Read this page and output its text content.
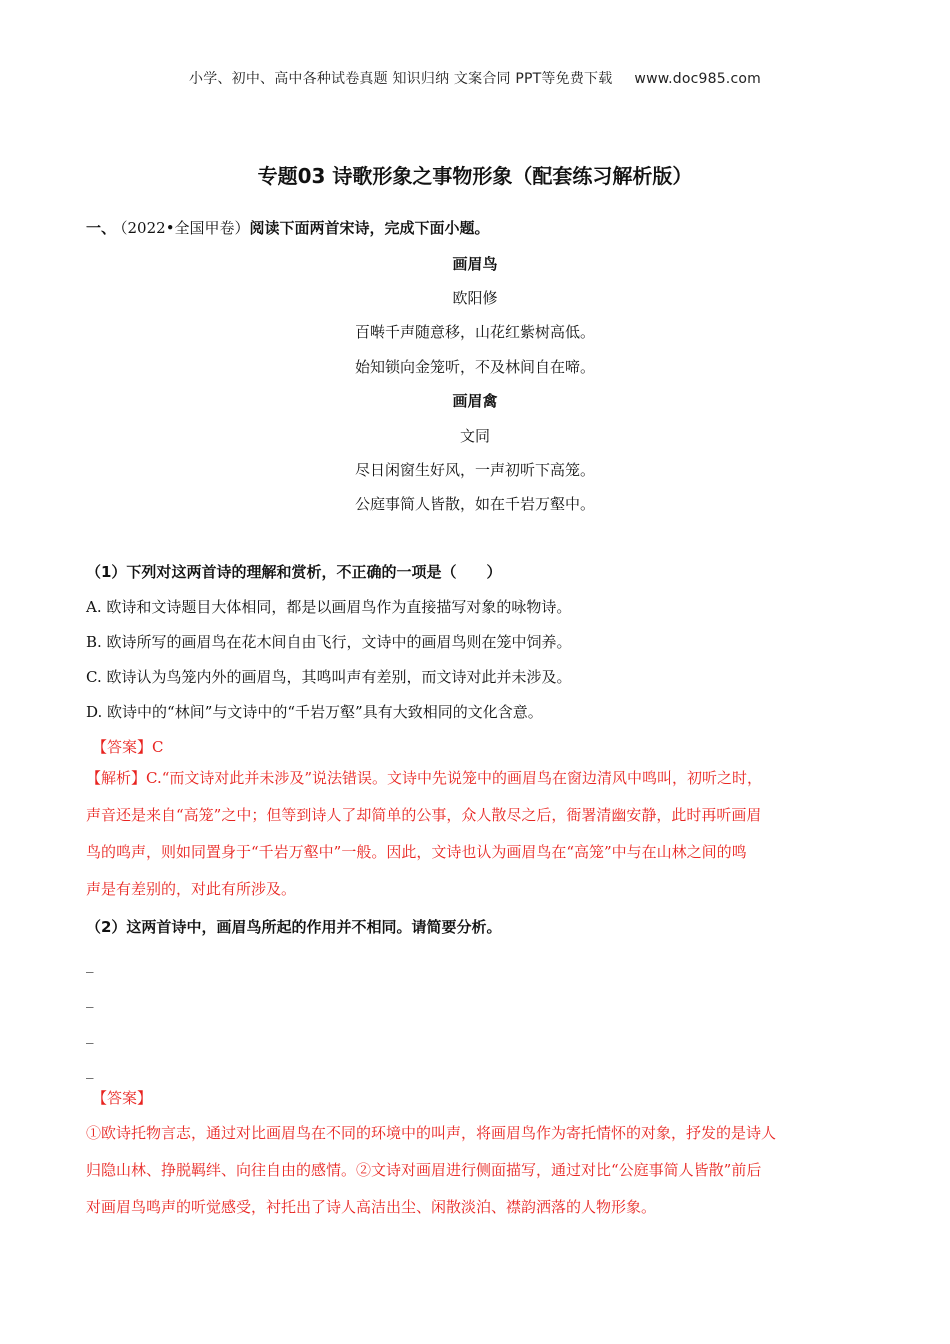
小学、初中、高中各种试卷真题 知识归纳 文案合同 PPT等免费下载 www.doc985.com
专题03 诗歌形象之事物形象（配套练习解析版）
一、 （2022•全国甲卷）阅读下面两首宋诗，完成下面小题。
画眉鸟
欧阳修
百啭千声随意移，山花红紫树高低。
始知锁向金笼听，不及林间自在啼。
画眉禽
文同
尽日闲窗生好风，一声初听下高笼。
公庭事简人皆散，如在千岩万壑中。
（1）下列对这两首诗的理解和赏析，不正确的一项是（　　）
A. 欧诗和文诗题目大体相同，都是以画眉鸟作为直接描写对象的咏物诗。
B. 欧诗所写的画眉鸟在花木间自由飞行，文诗中的画眉鸟则在笼中饲养。
C. 欧诗认为鸟笼内外的画眉鸟，其鸣叫声有差别，而文诗对此并未涉及。
D. 欧诗中的“林间”与文诗中的“千岩万壑”具有大致相同的文化含意。
【答案】C
【解析】C.“而文诗对此并未涉及”说法错误。文诗中先说笼中的画眉鸟在窗边清风中鸣叫，初听之时，
声音还是来自“高笼”之中；但等到诗人了却简单的公事，众人散尽之后，衙署清幽安静，此时再听画眉
鸟的鸣声，则如同置身于“千岩万壑中”一般。因此，文诗也认为画眉鸟在“高笼”中与在山林之间的鸣
声是有差别的，对此有所涉及。
（2）这两首诗中，画眉鸟所起的作用并不相同。请简要分析。
_
_
_
_
【答案】
①欧诗托物言志，通过对比画眉鸟在不同的环境中的叫声，将画眉鸟作为寄托情怀的对象，抒发的是诗人
归隐山林、挣脱羁绊、向往自由的感情。②文诗对画眉进行侧面描写，通过对比“公庭事简人皆散”前后
对画眉鸟鸣声的听觉感受，衬托出了诗人高洁出尘、闲散淡泊、襟韵洒落的人物形象。
